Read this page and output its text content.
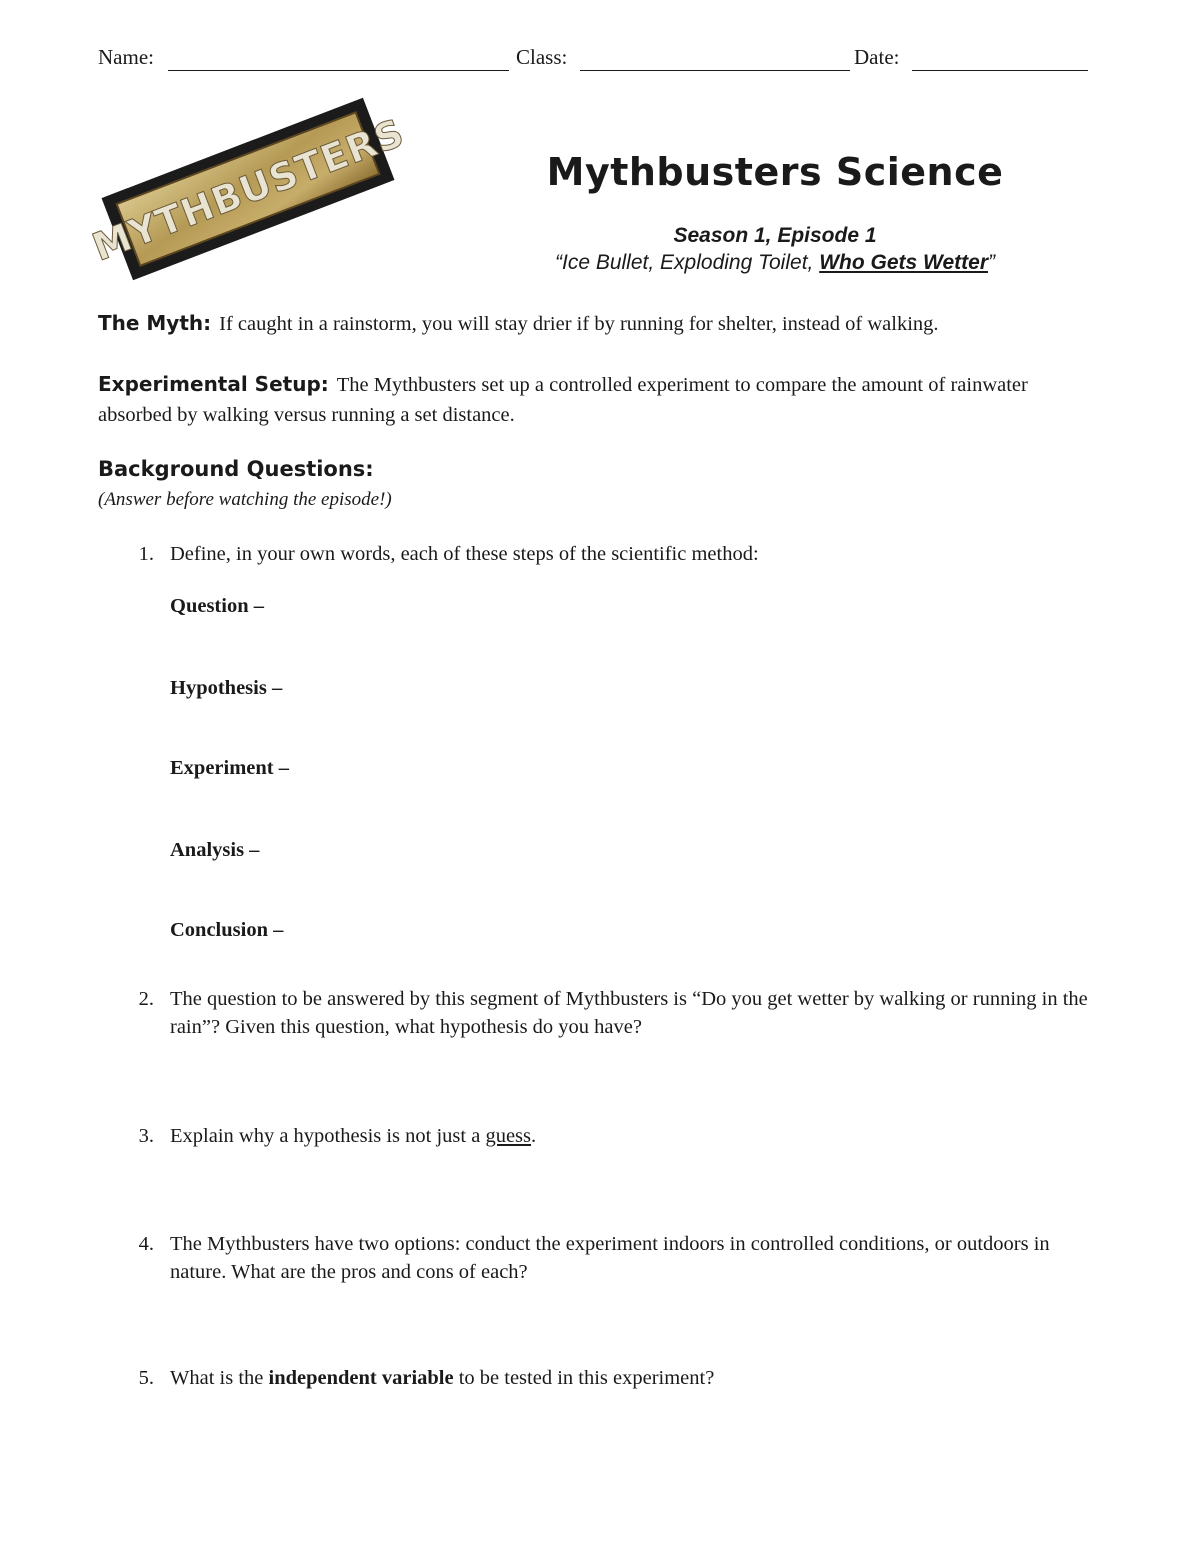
Name:	Class:	Date:
MYTHBUSTERS	Mythbusters Science
Season 1, Episode 1
“Ice Bullet, Exploding Toilet, Who Gets Wetter”
The Myth: If caught in a rainstorm, you will stay drier if by running for shelter, instead of walking.
Experimental Setup: The Mythbusters set up a controlled experiment to compare the amount of rainwater absorbed by walking versus running a set distance.
Background Questions:
(Answer before watching the episode!)
1. Define, in your own words, each of these steps of the scientific method:
Question –
Hypothesis –
Experiment –
Analysis –
Conclusion –
2. The question to be answered by this segment of Mythbusters is “Do you get wetter by walking or running in the rain”? Given this question, what hypothesis do you have?
3. Explain why a hypothesis is not just a guess.
4. The Mythbusters have two options: conduct the experiment indoors in controlled conditions, or outdoors in nature. What are the pros and cons of each?
5. What is the independent variable to be tested in this experiment?
